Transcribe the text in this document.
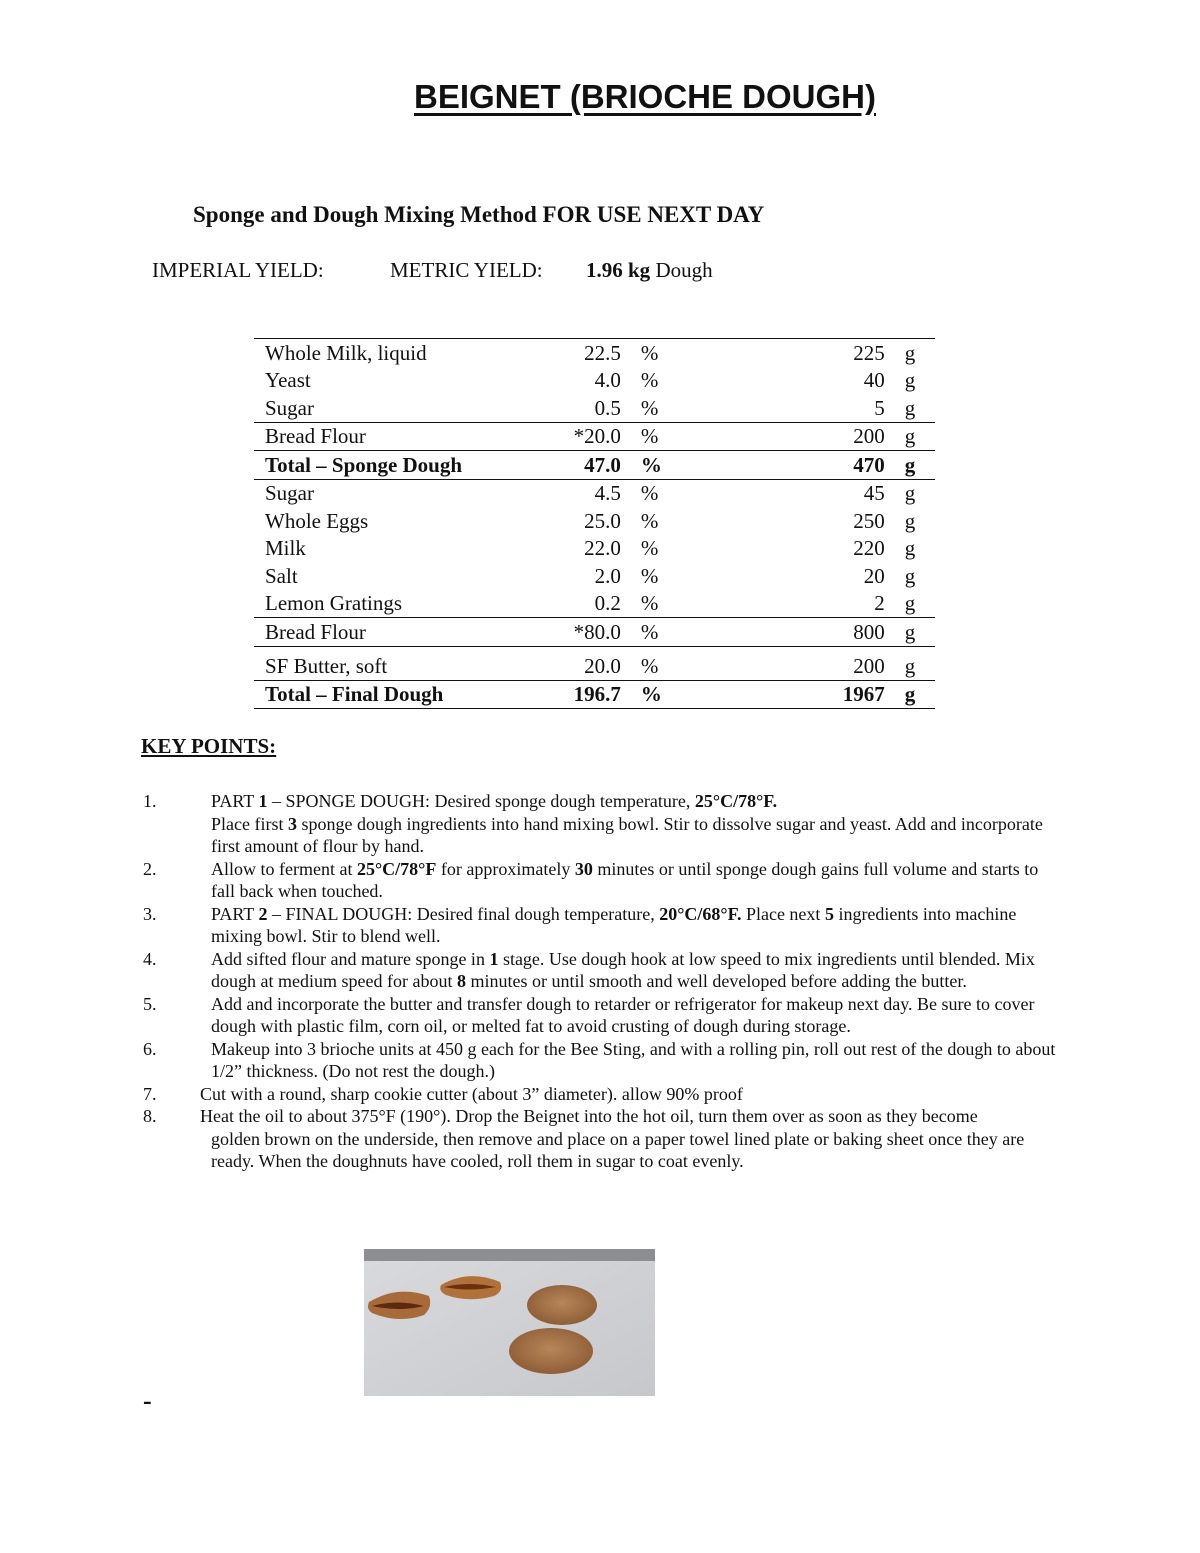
BEIGNET (BRIOCHE DOUGH)
Sponge and Dough Mixing Method FOR USE NEXT DAY
IMPERIAL YIELD:	METRIC YIELD: 1.96 kg Dough
Whole Milk, liquid	22.5	%	225	g
Yeast	4.0	%	40	g
Sugar	0.5	%	5	g
Bread Flour	*20.0	%	200	g
Total – Sponge Dough	47.0	%	470	g
Sugar	4.5	%	45	g
Whole Eggs	25.0	%	250	g
Milk	22.0	%	220	g
Salt	2.0	%	20	g
Lemon Gratings	0.2	%	2	g
Bread Flour	*80.0	%	800	g
SF Butter, soft	20.0	%	200	g
Total – Final Dough	196.7	%	1967	g
KEY POINTS:
1.	PART 1 – SPONGE DOUGH: Desired sponge dough temperature, 25°C/78°F.
Place first 3 sponge dough ingredients into hand mixing bowl. Stir to dissolve sugar and yeast. Add and incorporate first amount of flour by hand.
2.	Allow to ferment at 25°C/78°F for approximately 30 minutes or until sponge dough gains full volume and starts to fall back when touched.
3.	PART 2 – FINAL DOUGH: Desired final dough temperature, 20°C/68°F. Place next 5 ingredients into machine mixing bowl. Stir to blend well.
4.	Add sifted flour and mature sponge in 1 stage. Use dough hook at low speed to mix ingredients until blended. Mix dough at medium speed for about 8 minutes or until smooth and well developed before adding the butter.
5.	Add and incorporate the butter and transfer dough to retarder or refrigerator for makeup next day. Be sure to cover dough with plastic film, corn oil, or melted fat to avoid crusting of dough during storage.
6.	Makeup into 3 brioche units at 450 g each for the Bee Sting, and with a rolling pin, roll out rest of the dough to about 1/2” thickness. (Do not rest the dough.)
7. Cut with a round, sharp cookie cutter (about 3” diameter). allow 90% proof
8. Heat the oil to about 375°F (190°). Drop the Beignet into the hot oil, turn them over as soon as they become
golden brown on the underside, then remove and place on a paper towel lined plate or baking sheet once they are ready. When the doughnuts have cooled, roll them in sugar to coat evenly.
-
